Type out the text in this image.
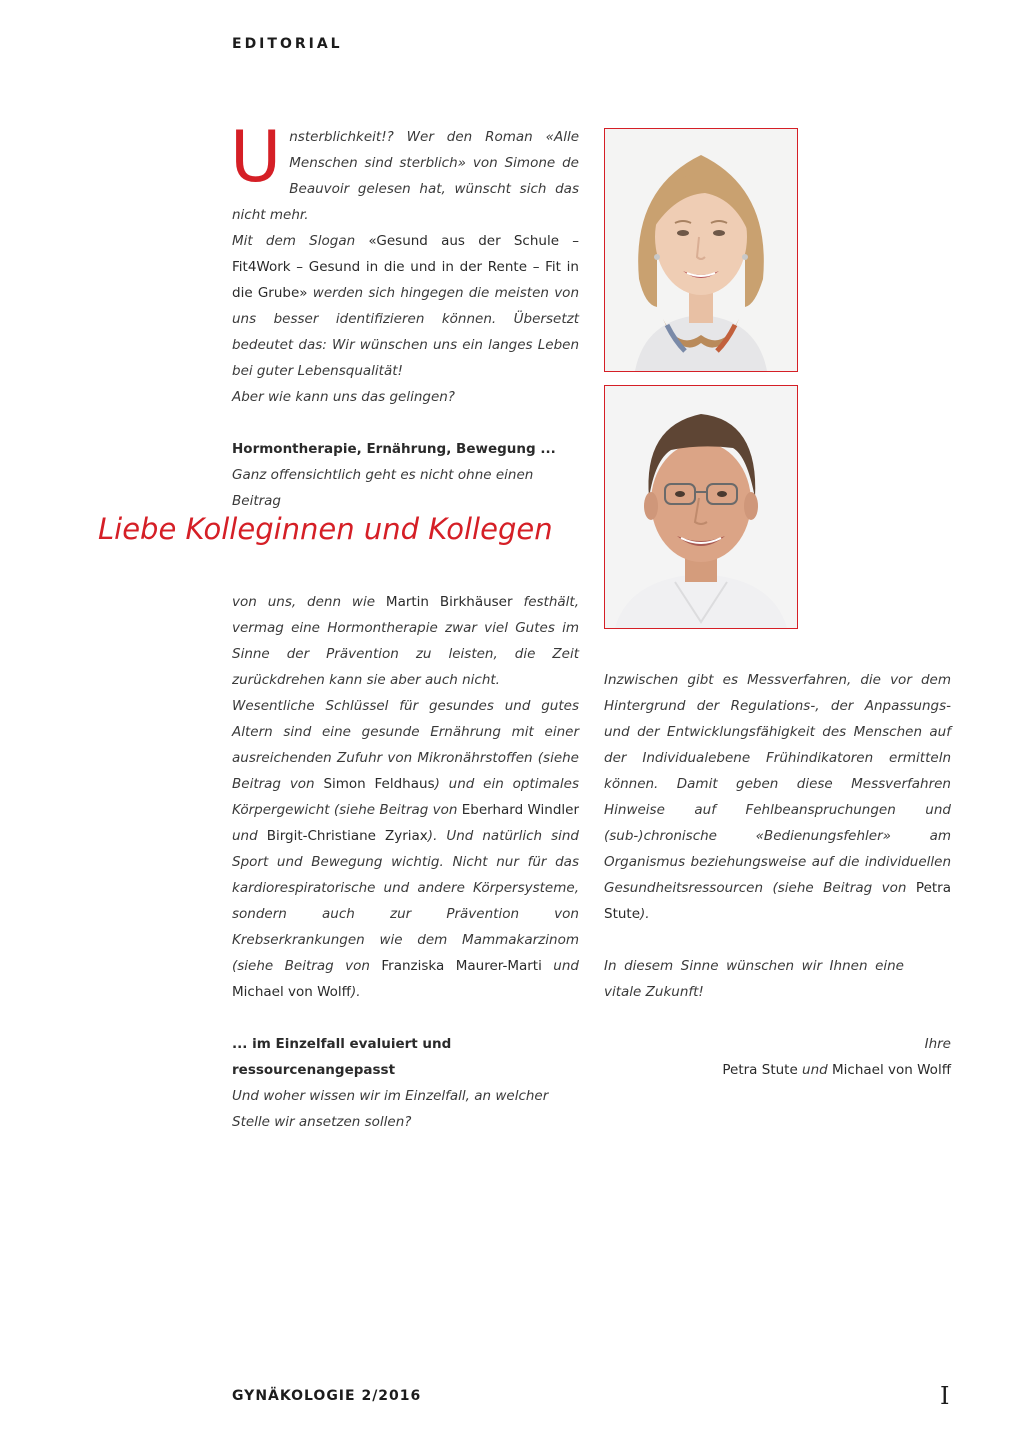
EDITORIAL

Unsterblichkeit!? Wer den Roman «Alle Menschen sind sterblich» von Simone de Beauvoir gelesen hat, wünscht sich das nicht mehr.

Mit dem Slogan «Gesund aus der Schule – Fit4Work – Gesund in die und in der Rente – Fit in die Grube» werden sich hingegen die meisten von uns besser identifizieren können. Übersetzt bedeutet das: Wir wünschen uns ein langes Leben bei guter Lebensqualität!

Aber wie kann uns das gelingen?

Hormontherapie, Ernährung, Bewegung ...

Ganz offensichtlich geht es nicht ohne einen Beitrag

Liebe Kolleginnen und Kollegen

von uns, denn wie Martin Birkhäuser festhält, vermag eine Hormontherapie zwar viel Gutes im Sinne der Prävention zu leisten, die Zeit zurückdrehen kann sie aber auch nicht.

Wesentliche Schlüssel für gesundes und gutes Altern sind eine gesunde Ernährung mit einer ausreichenden Zufuhr von Mikronährstoffen (siehe Beitrag von Simon Feldhaus) und ein optimales Körpergewicht (siehe Beitrag von Eberhard Windler und Birgit-Christiane Zyriax). Und natürlich sind Sport und Bewegung wichtig. Nicht nur für das kardiorespiratorische und andere Körpersysteme, sondern auch zur Prävention von Krebserkrankungen wie dem Mammakarzinom (siehe Beitrag von Franziska Maurer-Marti und Michael von Wolff).

... im Einzelfall evaluiert und ressourcenangepasst

Und woher wissen wir im Einzelfall, an welcher Stelle wir ansetzen sollen?

Inzwischen gibt es Messverfahren, die vor dem Hintergrund der Regulations-, der Anpassungs- und der Entwicklungsfähigkeit des Menschen auf der Individualebene Frühindikatoren ermitteln können. Damit geben diese Messverfahren Hinweise auf Fehlbeanspruchungen und (sub-)chronische «Bedienungsfehler» am Organismus beziehungsweise auf die individuellen Gesundheitsressourcen (siehe Beitrag von Petra Stute).

In diesem Sinne wünschen wir Ihnen eine vitale Zukunft!

Ihre

Petra Stute und Michael von Wolff

GYNÄKOLOGIE 2/2016	I
